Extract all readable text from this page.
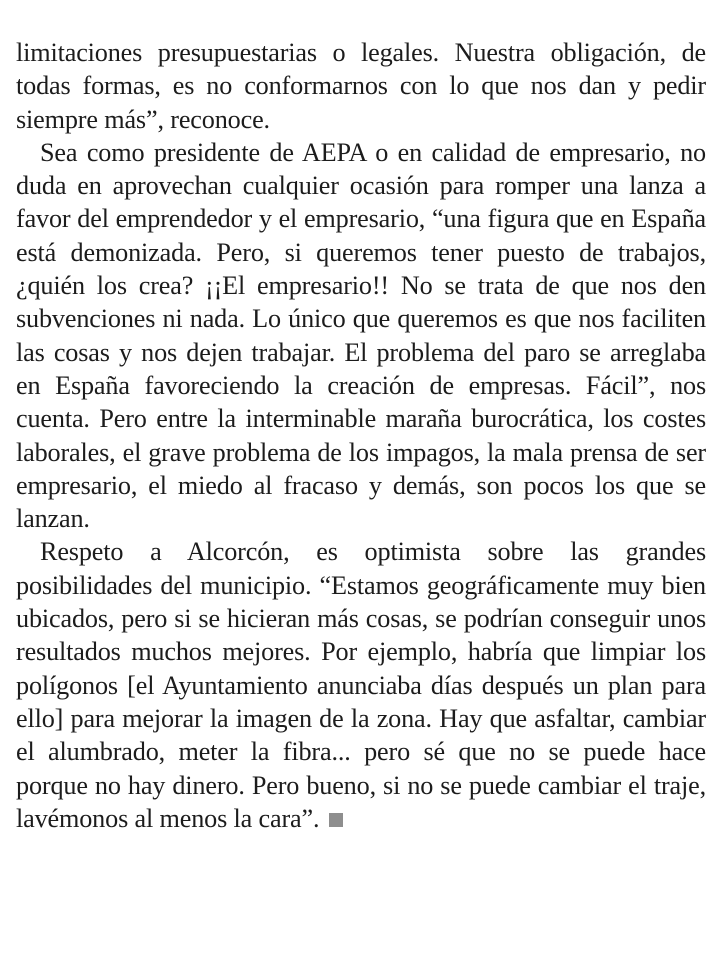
limitaciones presupuestarias o legales. Nuestra obligación, de todas formas, es no conformarnos con lo que nos dan y pedir siempre más”, reconoce.

Sea como presidente de AEPA o en calidad de empresario, no duda en aprovechan cualquier ocasión para romper una lanza a favor del emprendedor y el empresario, “una figura que en España está demonizada. Pero, si queremos tener puesto de trabajos, ¿quién los crea? ¡¡El empresario!! No se trata de que nos den subvenciones ni nada. Lo único que queremos es que nos faciliten las cosas y nos dejen trabajar. El problema del paro se arreglaba en España favoreciendo la creación de empresas. Fácil”, nos cuenta. Pero entre la interminable maraña burocrática, los costes laborales, el grave problema de los impagos, la mala prensa de ser empresario, el miedo al fracaso y demás, son pocos los que se lanzan.

Respeto a Alcorcón, es optimista sobre las grandes posibilidades del municipio. “Estamos geográficamente muy bien ubicados, pero si se hicieran más cosas, se podrían conseguir unos resultados muchos mejores. Por ejemplo, habría que limpiar los polígonos [el Ayuntamiento anunciaba días después un plan para ello] para mejorar la imagen de la zona. Hay que asfaltar, cambiar el alumbrado, meter la fibra... pero sé que no se puede hace porque no hay dinero. Pero bueno, si no se puede cambiar el traje, lavémonos al menos la cara”.
